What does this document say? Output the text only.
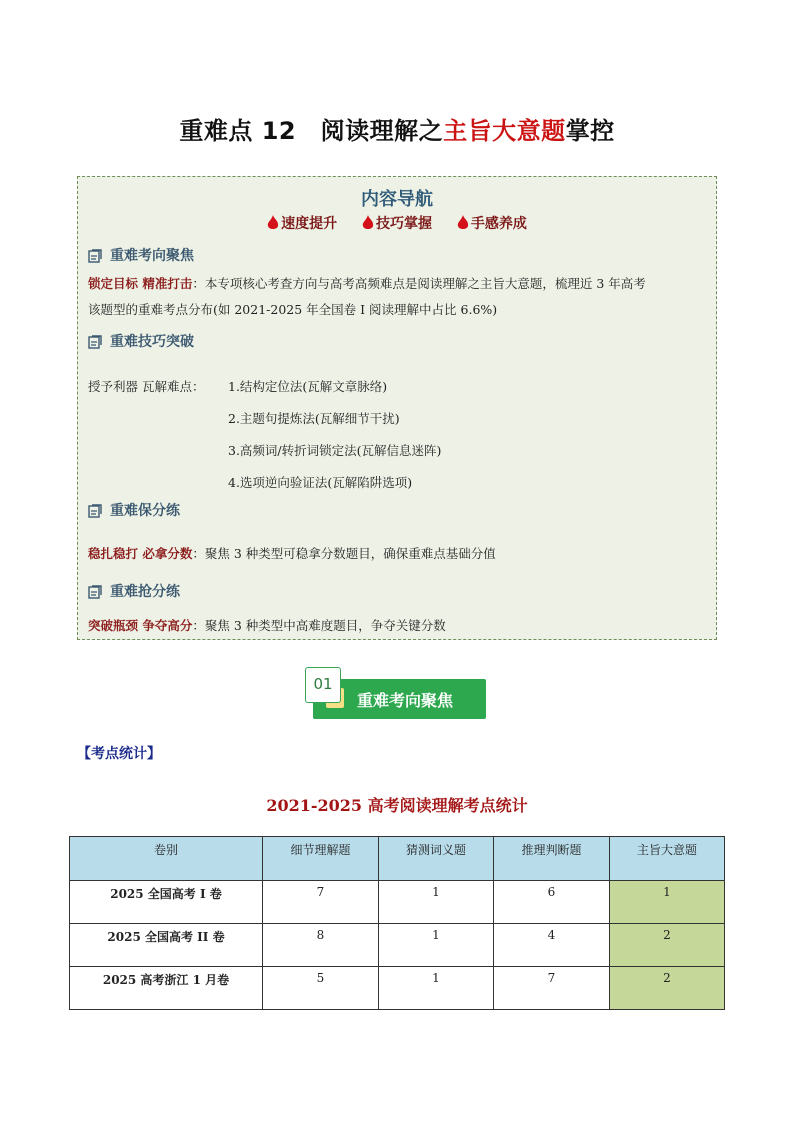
重难点 12　阅读理解之主旨大意题掌控
内容导航
速度提升	技巧掌握	手感养成
重难考向聚焦
锁定目标 精准打击：本专项核心考查方向与高考高频难点是阅读理解之主旨大意题，梳理近 3 年高考
该题型的重难考点分布(如 2021-2025 年全国卷 I 阅读理解中占比 6.6%)
重难技巧突破
授予利器 瓦解难点： 1.结构定位法(瓦解文章脉络)
2.主题句提炼法(瓦解细节干扰)
3.高频词/转折词锁定法(瓦解信息迷阵)
4.选项逆向验证法(瓦解陷阱选项)
重难保分练
稳扎稳打 必拿分数：聚焦 3 种类型可稳拿分数题目，确保重难点基础分值
重难抢分练
突破瓶颈 争夺高分：聚焦 3 种类型中高难度题目，争夺关键分数
重难考向聚焦
01
【考点统计】
2021-2025 高考阅读理解考点统计
卷别	细节理解题	猜测词义题	推理判断题	主旨大意题
2025 全国高考 I 卷	7	1	6	1
2025 全国高考 II 卷	8	1	4	2
2025 高考浙江 1 月卷	5	1	7	2
